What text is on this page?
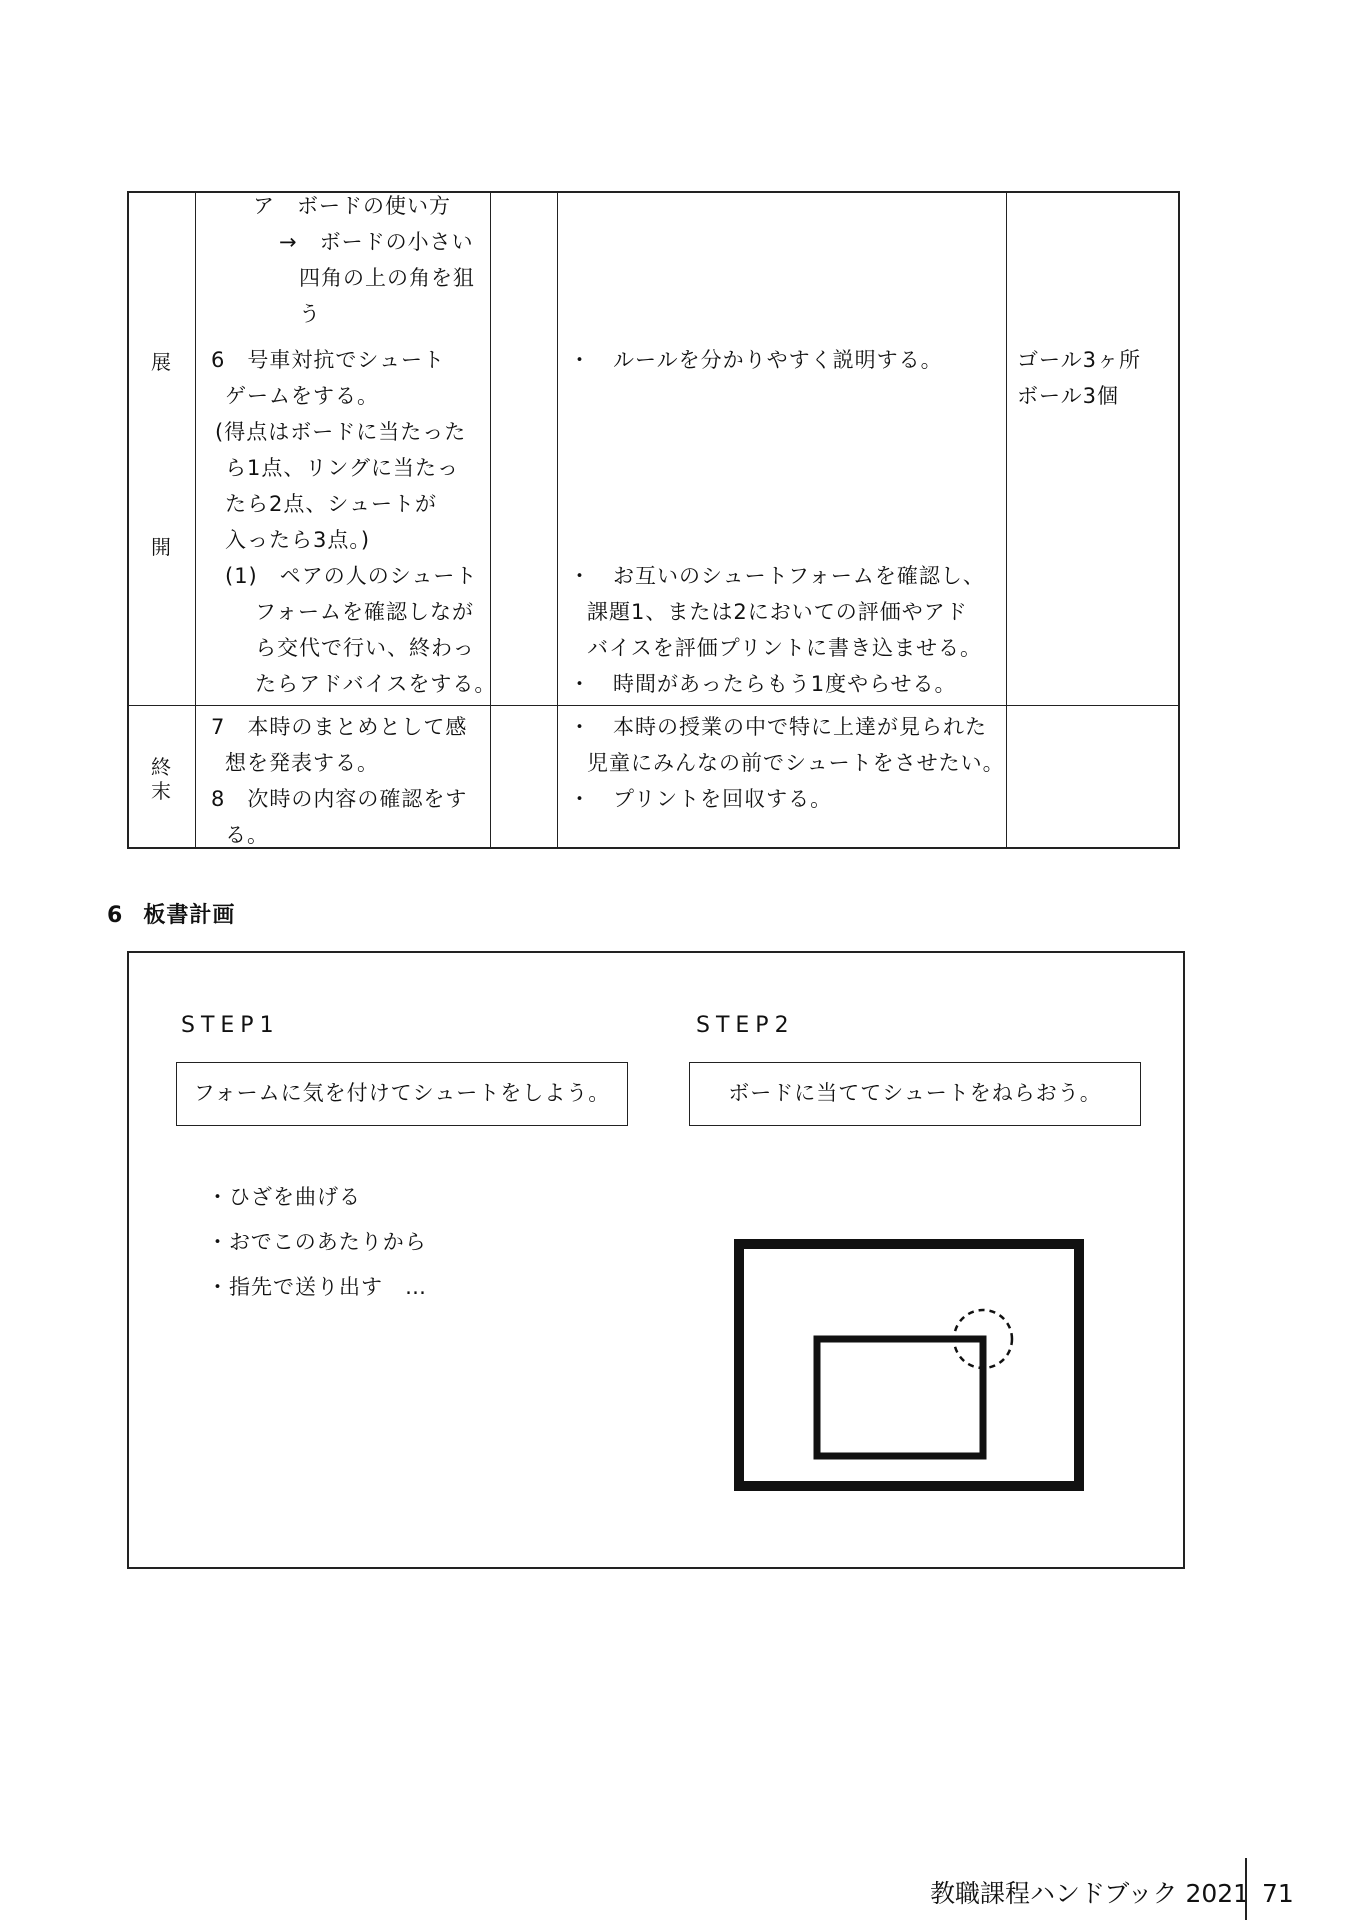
展
開
終
末
ア　ボードの使い方
→　ボードの小さい
四角の上の角を狙
う
6　号車対抗でシュート
ゲームをする。
(得点はボードに当たった
ら1点、リングに当たっ
たら2点、シュートが
入ったら3点。)
(1)　ペアの人のシュート
フォームを確認しなが
ら交代で行い、終わっ
たらアドバイスをする。
・　ルールを分かりやすく説明する。
・　お互いのシュートフォームを確認し、
課題1、または2においての評価やアド
バイスを評価プリントに書き込ませる。
・　時間があったらもう1度やらせる。
ゴール3ヶ所
ボール3個
7　本時のまとめとして感
想を発表する。
8　次時の内容の確認をす
る。
・　本時の授業の中で特に上達が見られた
児童にみんなの前でシュートをさせたい。
・　プリントを回収する。
6 板書計画
STEP1	STEP2
フォームに気を付けてシュートをしよう。	ボードに当ててシュートをねらおう。
・ひざを曲げる
・おでこのあたりから
・指先で送り出す　…
教職課程ハンドブック 2021 71
